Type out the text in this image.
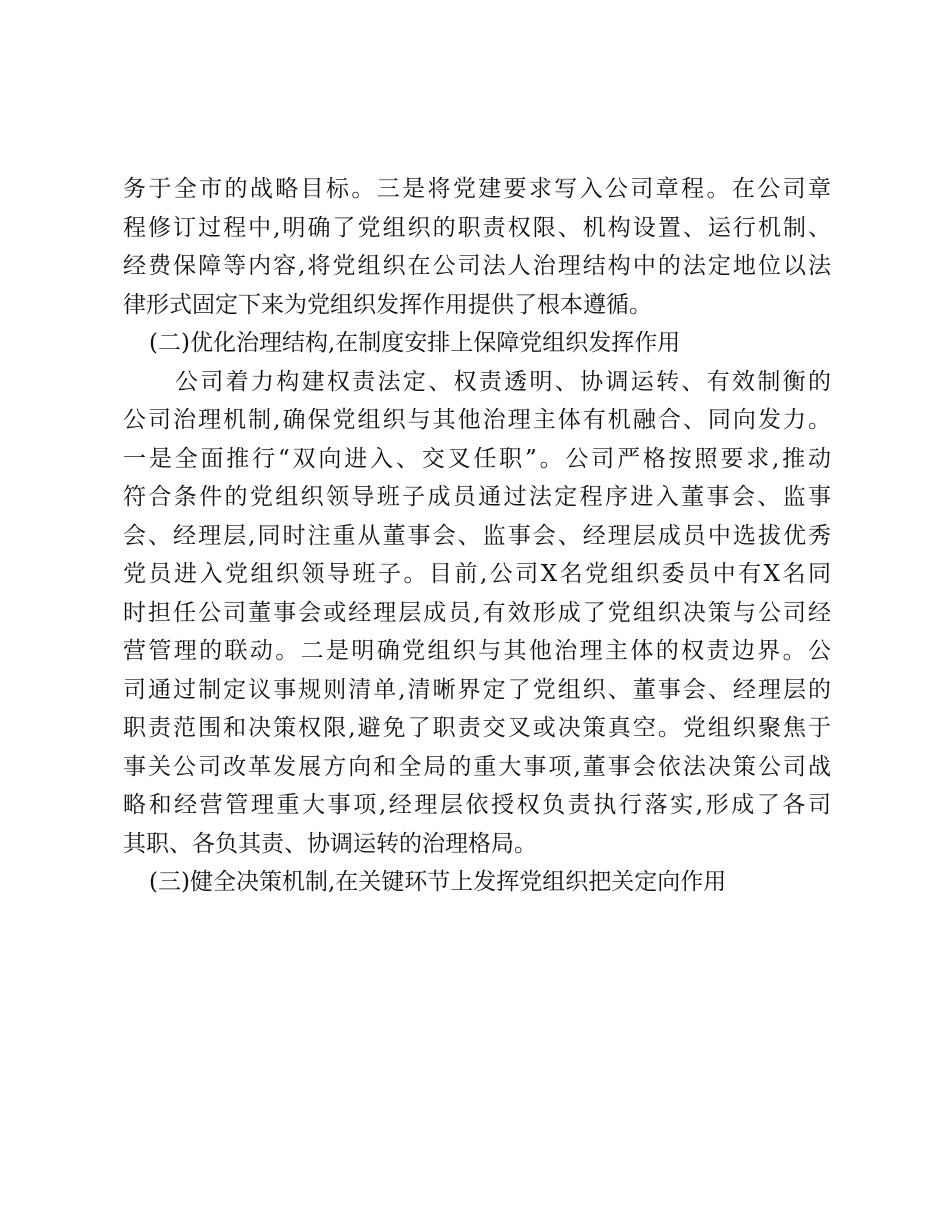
务于全市的战略目标。三是将党建要求写入公司章程。在公司章
程修订过程中,明确了党组织的职责权限、机构设置、运行机制、
经费保障等内容,将党组织在公司法人治理结构中的法定地位以法
律形式固定下来为党组织发挥作用提供了根本遵循。
(二)优化治理结构,在制度安排上保障党组织发挥作用
公司着力构建权责法定、权责透明、协调运转、有效制衡的
公司治理机制,确保党组织与其他治理主体有机融合、同向发力。
一是全面推行“双向进入、交叉任职”。公司严格按照要求,推动
符合条件的党组织领导班子成员通过法定程序进入董事会、监事
会、经理层,同时注重从董事会、监事会、经理层成员中选拔优秀
党员进入党组织领导班子。目前,公司X名党组织委员中有X名同
时担任公司董事会或经理层成员,有效形成了党组织决策与公司经
营管理的联动。二是明确党组织与其他治理主体的权责边界。公
司通过制定议事规则清单,清晰界定了党组织、董事会、经理层的
职责范围和决策权限,避免了职责交叉或决策真空。党组织聚焦于
事关公司改革发展方向和全局的重大事项,董事会依法决策公司战
略和经营管理重大事项,经理层依授权负责执行落实,形成了各司
其职、各负其责、协调运转的治理格局。
(三)健全决策机制,在关键环节上发挥党组织把关定向作用
